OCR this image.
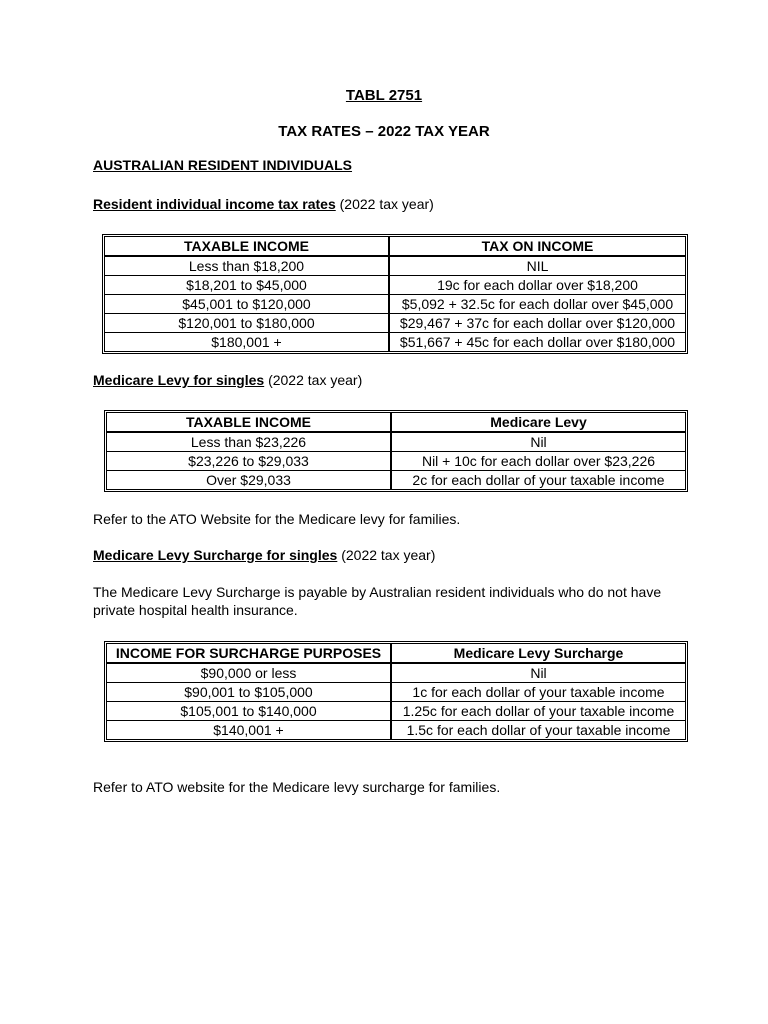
TABL 2751
TAX RATES – 2022 TAX YEAR
AUSTRALIAN RESIDENT INDIVIDUALS
Resident individual income tax rates (2022 tax year)
TAXABLE INCOME	TAX ON INCOME
Less than $18,200	NIL
$18,201 to $45,000	19c for each dollar over $18,200
$45,001 to $120,000	$5,092 + 32.5c for each dollar over $45,000
$120,001 to $180,000	$29,467 + 37c for each dollar over $120,000
$180,001 +	$51,667 + 45c for each dollar over $180,000
Medicare Levy for singles (2022 tax year)
TAXABLE INCOME	Medicare Levy
Less than $23,226	Nil
$23,226 to $29,033	Nil + 10c for each dollar over $23,226
Over $29,033	2c for each dollar of your taxable income
Refer to the ATO Website for the Medicare levy for families.
Medicare Levy Surcharge for singles (2022 tax year)
The Medicare Levy Surcharge is payable by Australian resident individuals who do not have private hospital health insurance.
INCOME FOR SURCHARGE PURPOSES	Medicare Levy Surcharge
$90,000 or less	Nil
$90,001 to $105,000	1c for each dollar of your taxable income
$105,001 to $140,000	1.25c for each dollar of your taxable income
$140,001 +	1.5c for each dollar of your taxable income
Refer to ATO website for the Medicare levy surcharge for families.
